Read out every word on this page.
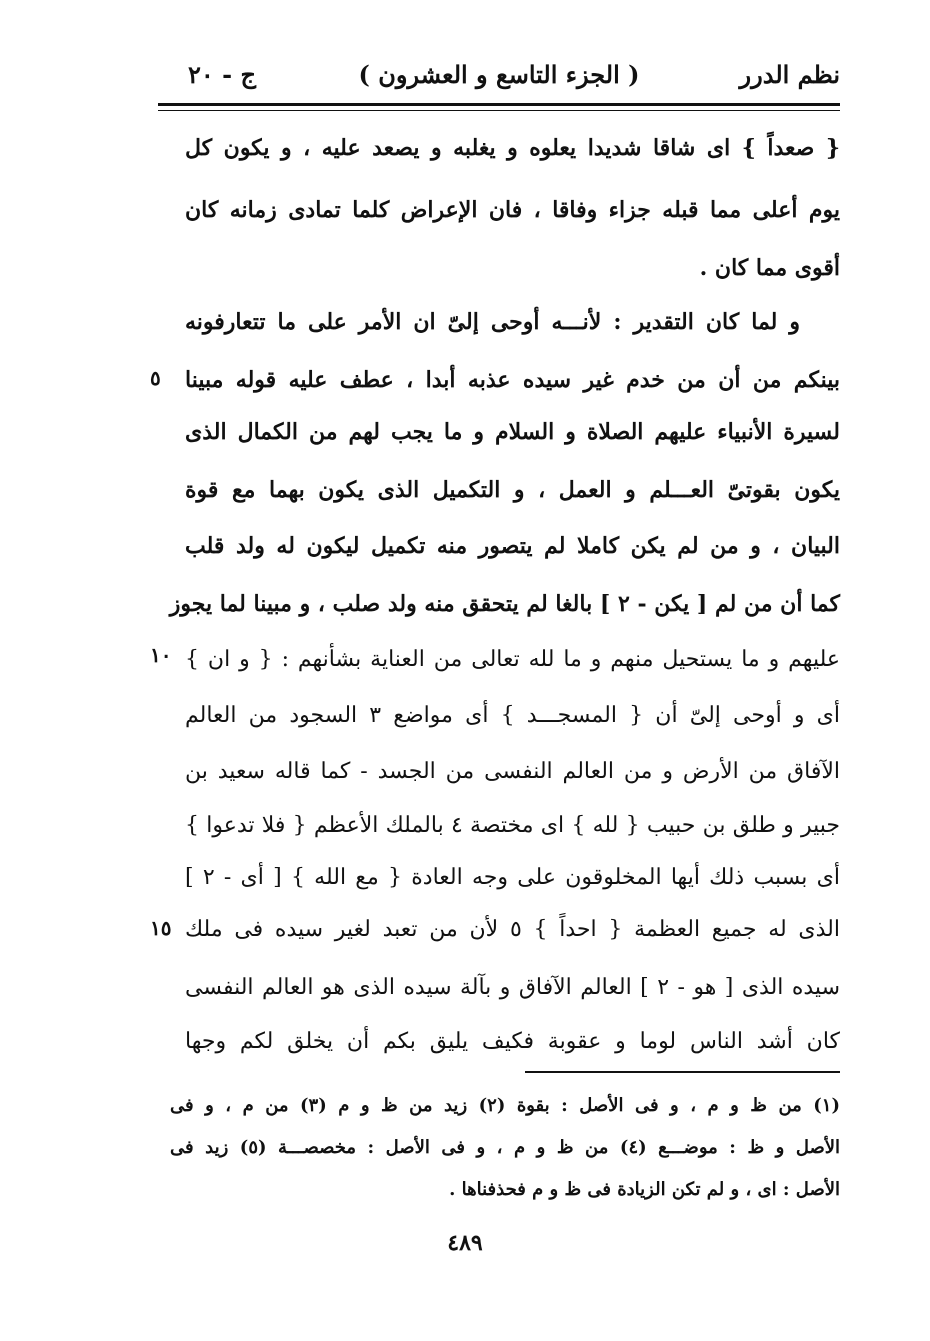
نظم الدرر
( الجزء التاسع و العشرون )
ج - ٢٠
{ صعداً } اى شاقا شديدا يعلوه و يغلبه و يصعد عليه ، و يكون كل
يوم أعلى مما قبله جزاء وفاقا ، فان الإعراض كلما تمادى زمانه كان
أقوى مما كان .
و لما كان التقدير : لأنـــه أوحى إلىّ ان الأمر على ما تتعارفونه
بينكم من أن من خدم غير سيده عذبه أبدا ، عطف عليه قوله مبينا
لسيرة الأنبياء عليهم الصلاة و السلام و ما يجب لهم من الكمال الذى
يكون بقوتىّ العـــلم و العمل ، و التكميل الذى يكون بهما مع قوة
البيان ، و من لم يكن كاملا لم يتصور منه تكميل ليكون له ولد قلب
كما أن من لم [ يكن - ٢ ] بالغا لم يتحقق منه ولد صلب ، و مبينا لما يجوز
عليهم و ما يستحيل منهم و ما لله تعالى من العناية بشأنهم : { و ان }
أى و أوحى إلىّ أن { المسجـــد } أى مواضع ٣ السجود من العالم
الآفاق من الأرض و من العالم النفسى من الجسد - كما قاله سعيد بن
جبير و طلق بن حبيب { لله } اى مختصة ٤ بالملك الأعظم { فلا تدعوا }
أى بسبب ذلك أيها المخلوقون على وجه العادة { مع الله } [ أى - ٢ ]
الذى له جميع العظمة { احداً } ٥ لأن من تعبد لغير سيده فى ملك
سيده الذى [ هو - ٢ ] العالم الآفاق و بآلة سيده الذى هو العالم النفسى
كان أشد الناس لوما و عقوبة فكيف يليق بكم أن يخلق لكم وجها
٥
١٠
١٥
(١) من ظ و م ، و فى الأصل : بقوة (٢) زيد من ظ و م (٣) من م ، و فى
الأصل و ظ : موضـــع (٤) من ظ و م ، و فى الأصل : مخصصـــة (٥) زيد فى
الأصل : اى ، و لم تكن الزيادة فى ظ و م فحذفناها .
٤٨٩
